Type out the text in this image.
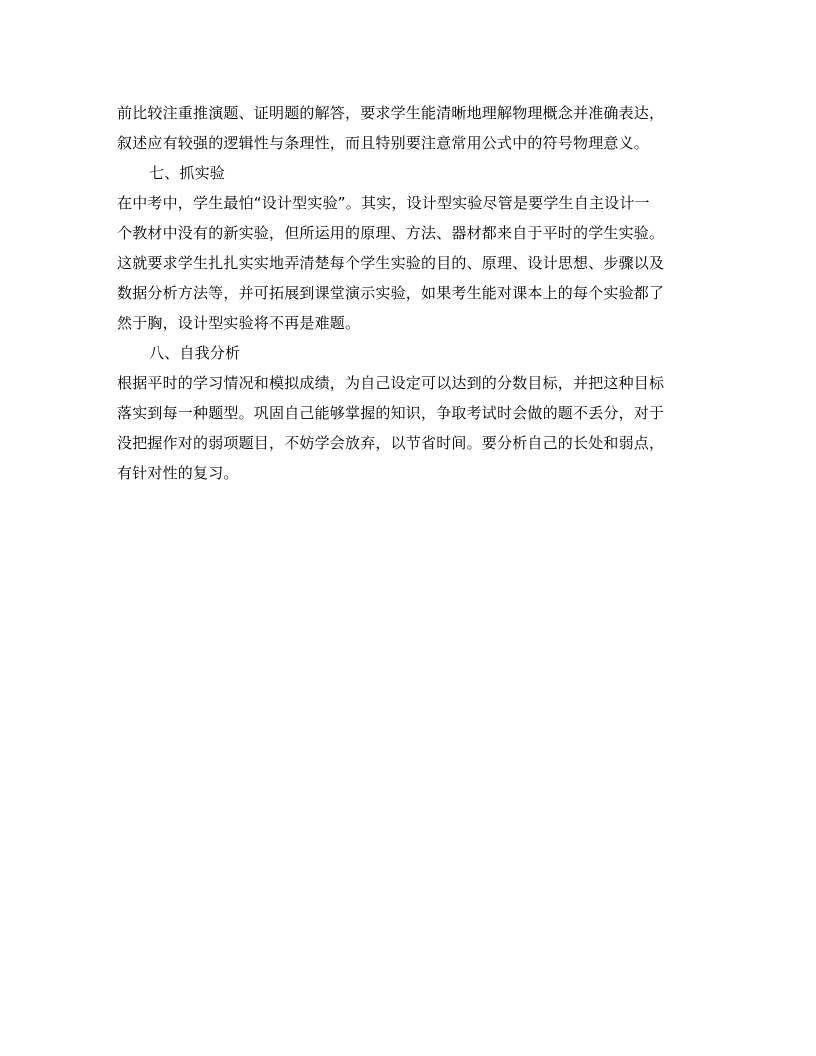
前比较注重推演题、证明题的解答，要求学生能清晰地理解物理概念并准确表达，
叙述应有较强的逻辑性与条理性，而且特别要注意常用公式中的符号物理意义。
七、抓实验
在中考中，学生最怕“设计型实验”。其实，设计型实验尽管是要学生自主设计一
个教材中没有的新实验，但所运用的原理、方法、器材都来自于平时的学生实验。
这就要求学生扎扎实实地弄清楚每个学生实验的目的、原理、设计思想、步骤以及
数据分析方法等，并可拓展到课堂演示实验，如果考生能对课本上的每个实验都了
然于胸，设计型实验将不再是难题。
八、自我分析
根据平时的学习情况和模拟成绩，为自己设定可以达到的分数目标，并把这种目标
落实到每一种题型。巩固自己能够掌握的知识，争取考试时会做的题不丢分，对于
没把握作对的弱项题目，不妨学会放弃，以节省时间。要分析自己的长处和弱点，
有针对性的复习。
